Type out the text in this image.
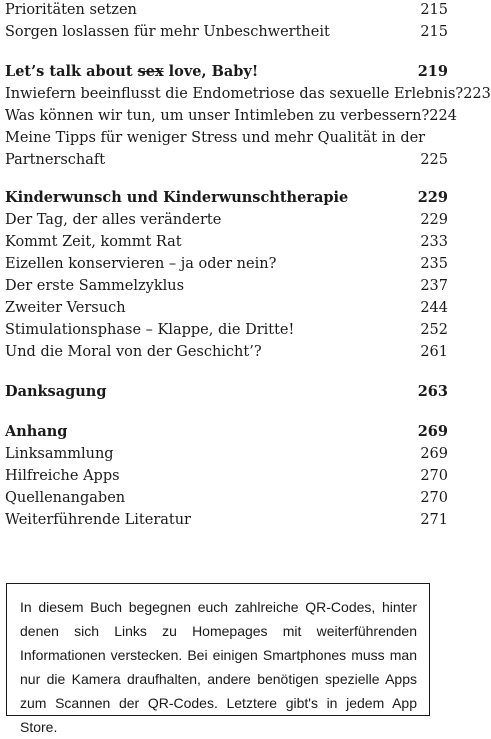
Prioritäten setzen	215
Sorgen loslassen für mehr Unbeschwertheit	215
Let’s talk about sex love, Baby!	219
Inwiefern beeinflusst die Endometriose das sexuelle Erlebnis? 223
Was können wir tun, um unser Intimleben zu verbessern? 224
Meine Tipps für weniger Stress und mehr Qualität in der Partnerschaft	225
Kinderwunsch und Kinderwunschtherapie	229
Der Tag, der alles veränderte	229
Kommt Zeit, kommt Rat	233
Eizellen konservieren – ja oder nein?	235
Der erste Sammelzyklus	237
Zweiter Versuch	244
Stimulationsphase – Klappe, die Dritte!	252
Und die Moral von der Geschicht’?	261
Danksagung	263
Anhang	269
Linksammlung	269
Hilfreiche Apps	270
Quellenangaben	270
Weiterführende Literatur	271
In diesem Buch begegnen euch zahlreiche QR-Codes, hinter denen sich Links zu Homepages mit weiterführenden Informationen verstecken. Bei einigen Smartphones muss man nur die Kamera draufhalten, andere benötigen spezielle Apps zum Scannen der QR-Codes. Letztere gibt's in jedem App Store.
